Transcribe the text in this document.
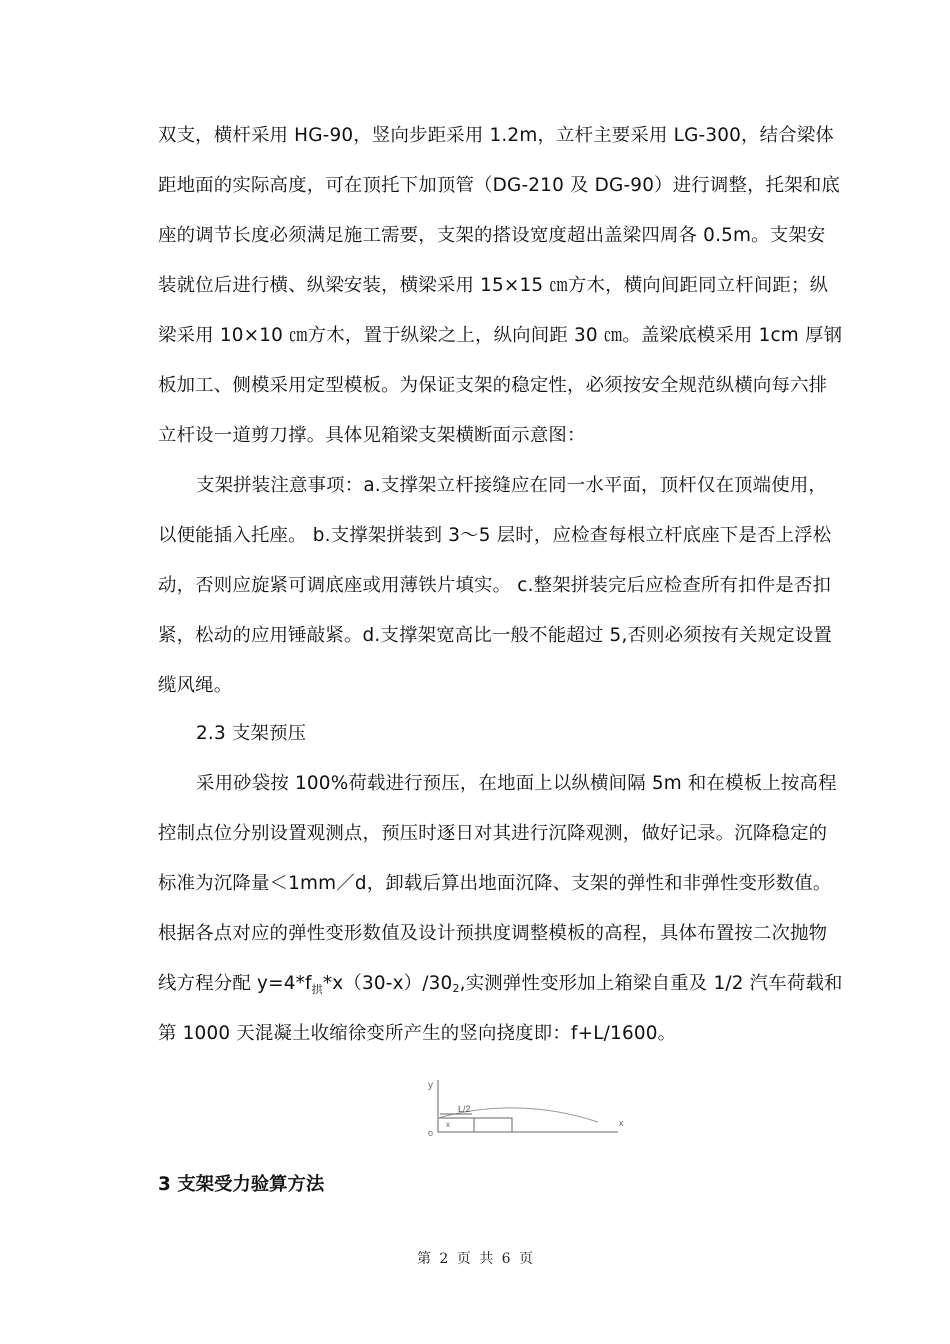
双支，横杆采用 HG-90，竖向步距采用 1.2m，立杆主要采用 LG-300，结合梁体
距地面的实际高度，可在顶托下加顶管（DG-210 及 DG-90）进行调整，托架和底
座的调节长度必须满足施工需要，支架的搭设宽度超出盖梁四周各 0.5m。支架安
装就位后进行横、纵梁安装，横梁采用 15×15 ㎝方木，横向间距同立杆间距；纵
梁采用 10×10 ㎝方木，置于纵梁之上，纵向间距 30 ㎝。盖梁底模采用 1cm 厚钢
板加工、侧模采用定型模板。为保证支架的稳定性，必须按安全规范纵横向每六排
立杆设一道剪刀撑。具体见箱梁支架横断面示意图：
支架拼装注意事项：a.支撑架立杆接缝应在同一水平面，顶杆仅在顶端使用，
以便能插入托座。 b.支撑架拼装到 3～5 层时，应检查每根立杆底座下是否上浮松
动，否则应旋紧可调底座或用薄铁片填实。 c.整架拼装完后应检查所有扣件是否扣
紧，松动的应用锤敲紧。d.支撑架宽高比一般不能超过 5,否则必须按有关规定设置
缆风绳。
2.3 支架预压
采用砂袋按 100%荷载进行预压，在地面上以纵横间隔 5m 和在模板上按高程
控制点位分别设置观测点，预压时逐日对其进行沉降观测，做好记录。沉降稳定的
标准为沉降量＜1mm／d，卸载后算出地面沉降、支架的弹性和非弹性变形数值。
根据各点对应的弹性变形数值及设计预拱度调整模板的高程，具体布置按二次抛物
线方程分配 $y=4*f_拱*x(30-x)/302$,实测弹性变形加上箱梁自重及 1/2 汽车荷载和
第 1000 天混凝土收缩徐变所产生的竖向挠度即：f+L/1600。
y
x
o
L/2
x
3 支架受力验算方法
第 2 页 共 6 页
